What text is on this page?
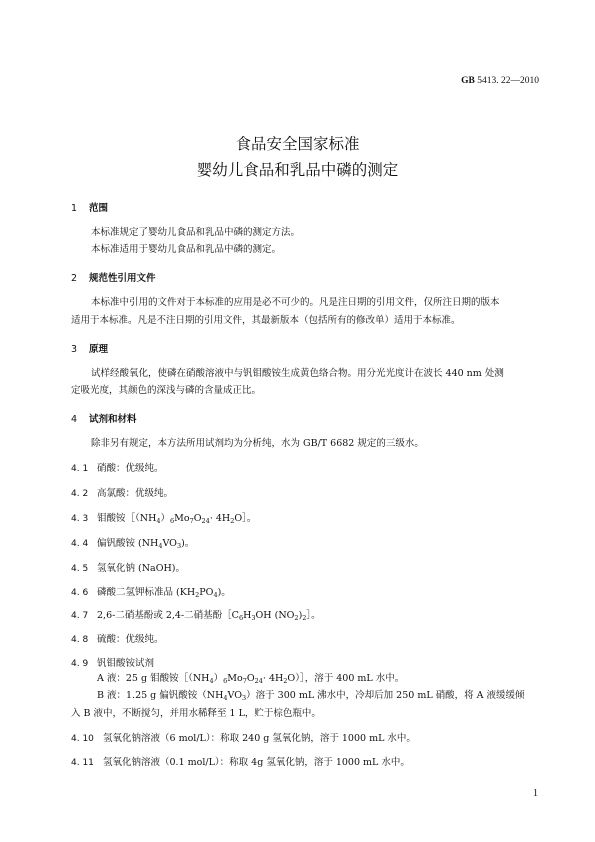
GB 5413. 22—2010
食品安全国家标准
婴幼儿食品和乳品中磷的测定
1 范围
本标准规定了婴幼儿食品和乳品中磷的测定方法。
本标准适用于婴幼儿食品和乳品中磷的测定。
2 规范性引用文件
本标准中引用的文件对于本标准的应用是必不可少的。凡是注日期的引用文件，仅所注日期的版本
适用于本标准。凡是不注日期的引用文件，其最新版本（包括所有的修改单）适用于本标准。
3 原理
试样经酸氧化，使磷在硝酸溶液中与钒钼酸铵生成黄色络合物。用分光光度计在波长 440 nm 处测
定吸光度，其颜色的深浅与磷的含量成正比。
4 试剂和材料
除非另有规定，本方法所用试剂均为分析纯，水为 GB/T 6682 规定的三级水。
4. 1 硝酸：优级纯。
4. 2 高氯酸：优级纯。
4. 3 钼酸铵$[(NH_4)_6Mo_7O_{24}\cdot$ $4H_2O]$。
4. 4 偏钒酸铵 $(NH_4VO_3)$。
4. 5 氢氧化钠 (NaOH)。
4. 6 磷酸二氢钾标准品 $(KH_2PO_4)$。
4. 7 2,6-二硝基酚或 2,4-二硝基酚$[C_6H_3OH$ $(NO_2)_2]$。
4. 8 硫酸：优级纯。
4. 9 钒钼酸铵试剂
A 液：25 g 钼酸铵$[(NH_4)_6Mo_7O_{24}\cdot$ $4H_2O)]$，溶于 400 mL 水中。
B 液：1.25 g 偏钒酸铵$(NH_4VO_3)$溶于 300 mL 沸水中，冷却后加 250 mL 硝酸，将 A 液缓缓倾
入 B 液中，不断搅匀，并用水稀释至 1 L，贮于棕色瓶中。
4. 10 氢氧化钠溶液（6 mol/L）：称取 240 g 氢氧化钠，溶于 1000 mL 水中。
4. 11 氢氧化钠溶液（0.1 mol/L）：称取 4g 氢氧化钠，溶于 1000 mL 水中。
1
